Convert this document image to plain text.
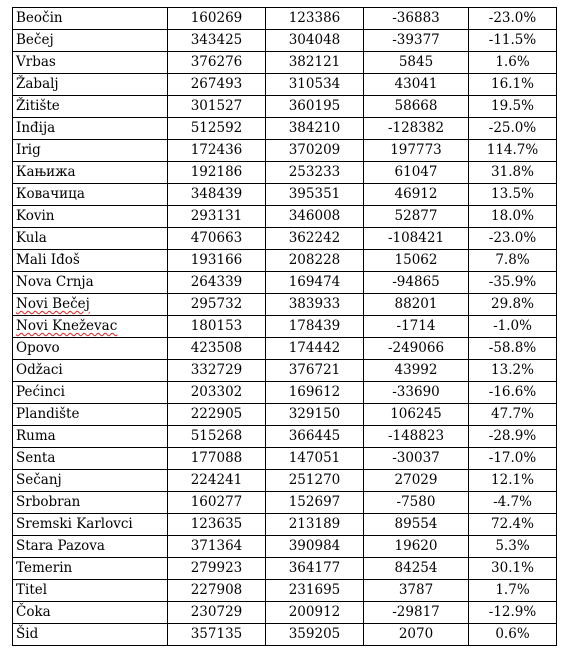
Beočin	160269	123386	-36883	-23.0%
Bečej	343425	304048	-39377	-11.5%
Vrbas	376276	382121	5845	1.6%
Žabalj	267493	310534	43041	16.1%
Žitište	301527	360195	58668	19.5%
Inđija	512592	384210	-128382	-25.0%
Irig	172436	370209	197773	114.7%
Кањижа	192186	253233	61047	31.8%
Ковачица	348439	395351	46912	13.5%
Kovin	293131	346008	52877	18.0%
Kula	470663	362242	-108421	-23.0%
Mali Iđoš	193166	208228	15062	7.8%
Nova Crnja	264339	169474	-94865	-35.9%
Novi Bečej	295732	383933	88201	29.8%
Novi Kneževac	180153	178439	-1714	-1.0%
Opovo	423508	174442	-249066	-58.8%
Odžaci	332729	376721	43992	13.2%
Pećinci	203302	169612	-33690	-16.6%
Plandište	222905	329150	106245	47.7%
Ruma	515268	366445	-148823	-28.9%
Senta	177088	147051	-30037	-17.0%
Sečanj	224241	251270	27029	12.1%
Srbobran	160277	152697	-7580	-4.7%
Sremski Karlovci	123635	213189	89554	72.4%
Stara Pazova	371364	390984	19620	5.3%
Temerin	279923	364177	84254	30.1%
Titel	227908	231695	3787	1.7%
Čoka	230729	200912	-29817	-12.9%
Šid	357135	359205	2070	0.6%
